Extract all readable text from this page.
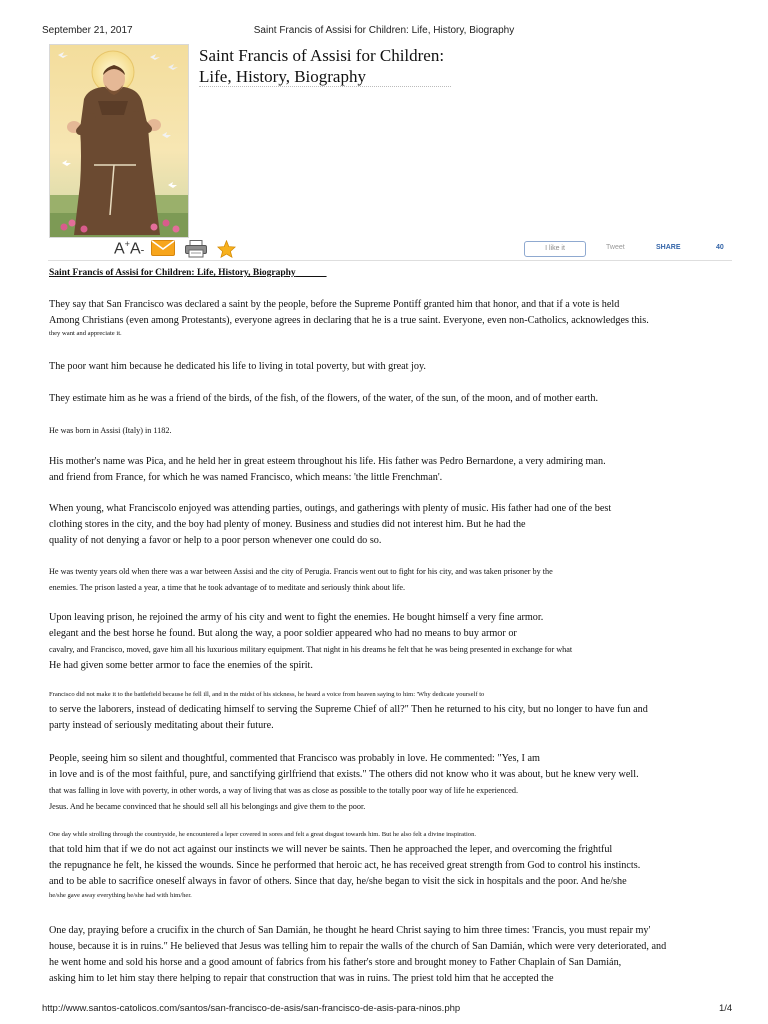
September 21, 2017	Saint Francis of Assisi for Children: Life, History, Biography
Saint Francis of Assisi for Children:
Life, History, Biography
A+A-	I like it	Tweet	SHARE	40
Saint Francis of Assisi for Children: Life, History, Biography
They say that San Francisco was declared a saint by the people, before the Supreme Pontiff granted him that honor, and that if a vote is held
Among Christians (even among Protestants), everyone agrees in declaring that he is a true saint. Everyone, even non-Catholics, acknowledges this.
they want and appreciate it.
The poor want him because he dedicated his life to living in total poverty, but with great joy.
They estimate him as he was a friend of the birds, of the fish, of the flowers, of the water, of the sun, of the moon, and of mother earth.
He was born in Assisi (Italy) in 1182.
His mother's name was Pica, and he held her in great esteem throughout his life. His father was Pedro Bernardone, a very admiring man.
and friend from France, for which he was named Francisco, which means: 'the little Frenchman'.
When young, what Franciscolo enjoyed was attending parties, outings, and gatherings with plenty of music. His father had one of the best
clothing stores in the city, and the boy had plenty of money. Business and studies did not interest him. But he had the
quality of not denying a favor or help to a poor person whenever one could do so.
He was twenty years old when there was a war between Assisi and the city of Perugia. Francis went out to fight for his city, and was taken prisoner by the
enemies. The prison lasted a year, a time that he took advantage of to meditate and seriously think about life.
Upon leaving prison, he rejoined the army of his city and went to fight the enemies. He bought himself a very fine armor.
elegant and the best horse he found. But along the way, a poor soldier appeared who had no means to buy armor or
cavalry, and Francisco, moved, gave him all his luxurious military equipment. That night in his dreams he felt that he was being presented in exchange for what
He had given some better armor to face the enemies of the spirit.
Francisco did not make it to the battlefield because he fell ill, and in the midst of his sickness, he heard a voice from heaven saying to him: 'Why dedicate yourself to
to serve the laborers, instead of dedicating himself to serving the Supreme Chief of all?" Then he returned to his city, but no longer to have fun and
party instead of seriously meditating about their future.
People, seeing him so silent and thoughtful, commented that Francisco was probably in love. He commented: "Yes, I am
in love and is of the most faithful, pure, and sanctifying girlfriend that exists." The others did not know who it was about, but he knew very well.
that was falling in love with poverty, in other words, a way of living that was as close as possible to the totally poor way of life he experienced.
Jesus. And he became convinced that he should sell all his belongings and give them to the poor.
One day while strolling through the countryside, he encountered a leper covered in sores and felt a great disgust towards him. But he also felt a divine inspiration.
that told him that if we do not act against our instincts we will never be saints. Then he approached the leper, and overcoming the frightful
the repugnance he felt, he kissed the wounds. Since he performed that heroic act, he has received great strength from God to control his instincts.
and to be able to sacrifice oneself always in favor of others. Since that day, he/she began to visit the sick in hospitals and the poor. And he/she
he/she gave away everything he/she had with him/her.
One day, praying before a crucifix in the church of San Damián, he thought he heard Christ saying to him three times: 'Francis, you must repair my'
house, because it is in ruins." He believed that Jesus was telling him to repair the walls of the church of San Damián, which were very deteriorated, and
he went home and sold his horse and a good amount of fabrics from his father's store and brought money to Father Chaplain of San Damián,
asking him to let him stay there helping to repair that construction that was in ruins. The priest told him that he accepted the
http://www.santos-catolicos.com/santos/san-francisco-de-asis/san-francisco-de-asis-para-ninos.php	1/4
